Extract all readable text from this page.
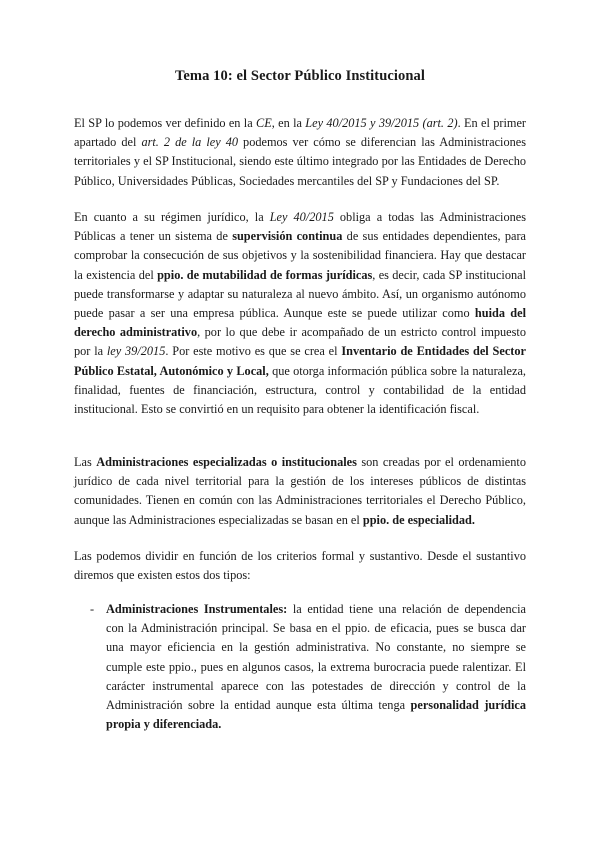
Tema 10: el Sector Público Institucional

El SP lo podemos ver definido en la CE, en la Ley 40/2015 y 39/2015 (art. 2). En el primer apartado del art. 2 de la ley 40 podemos ver cómo se diferencian las Administraciones territoriales y el SP Institucional, siendo este último integrado por las Entidades de Derecho Público, Universidades Públicas, Sociedades mercantiles del SP y Fundaciones del SP.

En cuanto a su régimen jurídico, la Ley 40/2015 obliga a todas las Administraciones Públicas a tener un sistema de supervisión continua de sus entidades dependientes, para comprobar la consecución de sus objetivos y la sostenibilidad financiera. Hay que destacar la existencia del ppio. de mutabilidad de formas jurídicas, es decir, cada SP institucional puede transformarse y adaptar su naturaleza al nuevo ámbito. Así, un organismo autónomo puede pasar a ser una empresa pública. Aunque este se puede utilizar como huida del derecho administrativo, por lo que debe ir acompañado de un estricto control impuesto por la ley 39/2015. Por este motivo es que se crea el Inventario de Entidades del Sector Público Estatal, Autonómico y Local, que otorga información pública sobre la naturaleza, finalidad, fuentes de financiación, estructura, control y contabilidad de la entidad institucional. Esto se convirtió en un requisito para obtener la identificación fiscal.

Las Administraciones especializadas o institucionales son creadas por el ordenamiento jurídico de cada nivel territorial para la gestión de los intereses públicos de distintas comunidades. Tienen en común con las Administraciones territoriales el Derecho Público, aunque las Administraciones especializadas se basan en el ppio. de especialidad.

Las podemos dividir en función de los criterios formal y sustantivo. Desde el sustantivo diremos que existen estos dos tipos:

- Administraciones Instrumentales: la entidad tiene una relación de dependencia con la Administración principal. Se basa en el ppio. de eficacia, pues se busca dar una mayor eficiencia en la gestión administrativa. No constante, no siempre se cumple este ppio., pues en algunos casos, la extrema burocracia puede ralentizar. El carácter instrumental aparece con las potestades de dirección y control de la Administración sobre la entidad aunque esta última tenga personalidad jurídica propia y diferenciada.
